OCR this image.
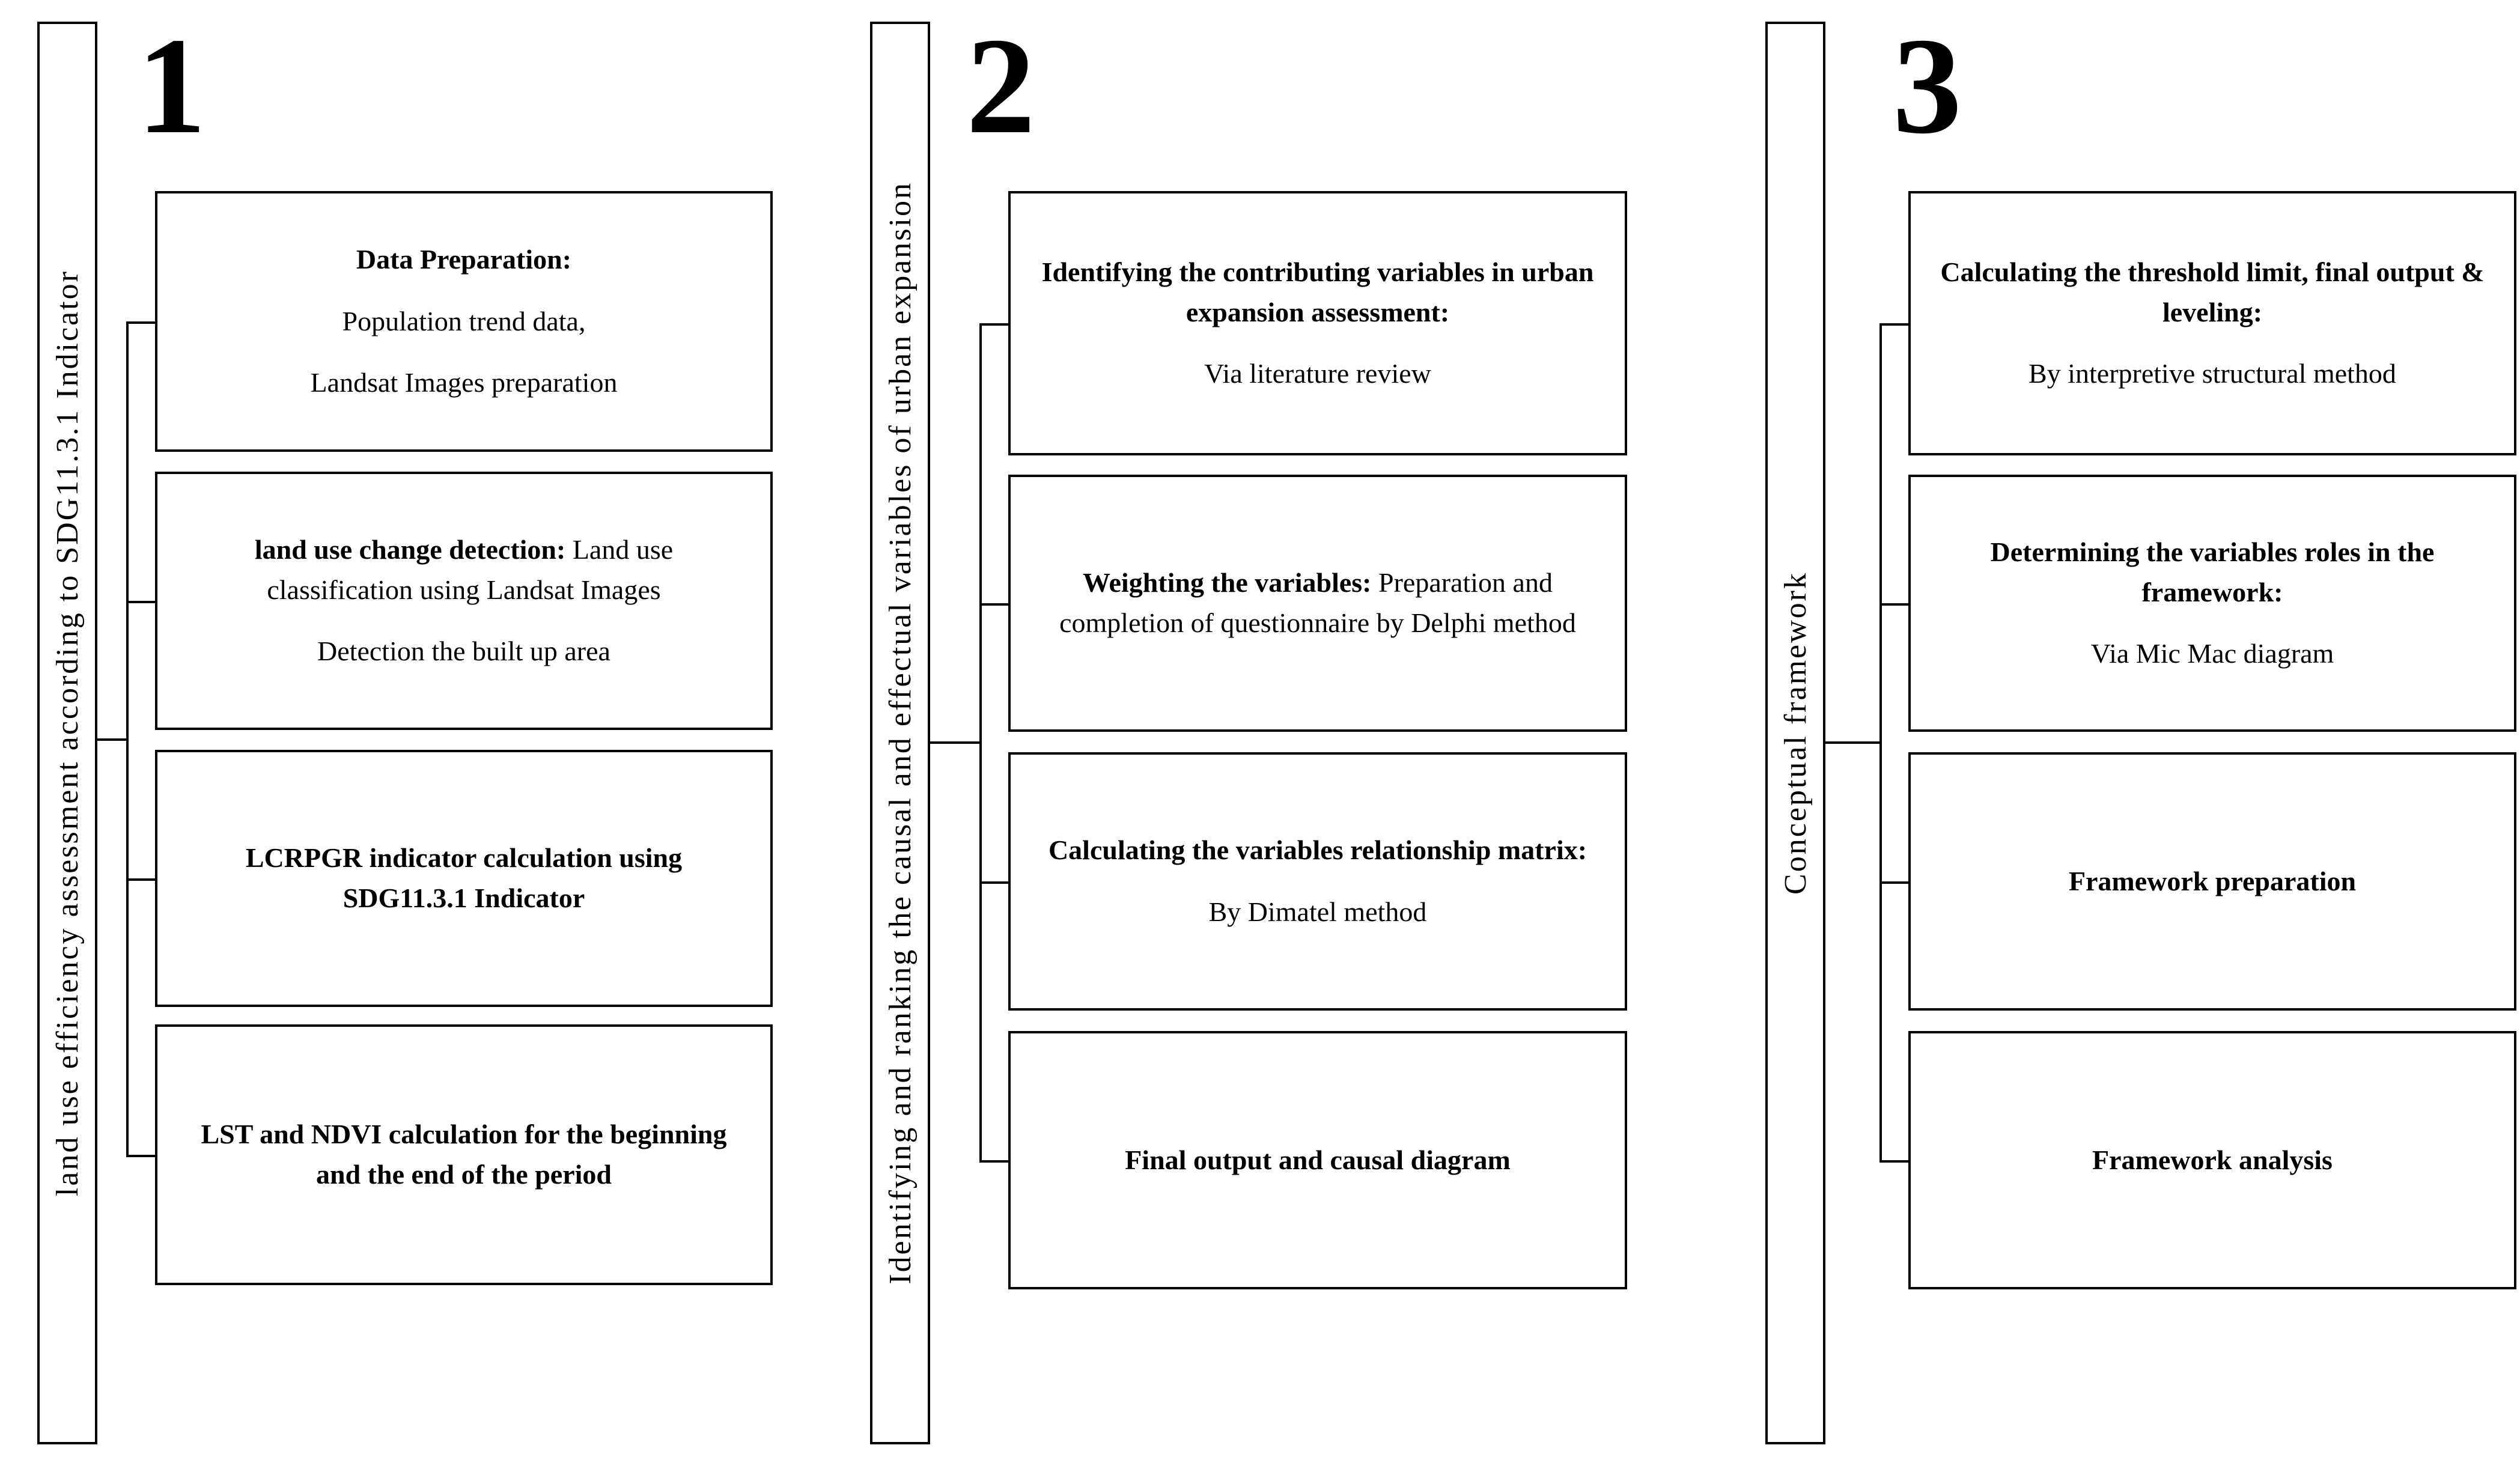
land use efficiency assessment according to SDG11.3.1 Indicator
1

Data Preparation:

Population trend data,

Landsat Images preparation

land use change detection: Land use classification using Landsat Images

Detection the built up area

LCRPGR indicator calculation using SDG11.3.1 Indicator

LST and NDVI calculation for the beginning and the end of the period	Identifying and ranking the causal and effectual variables of urban expansion
2

Identifying the contributing variables in urban expansion assessment:

Via literature review

Weighting the variables: Preparation and completion of questionnaire by Delphi method

Calculating the variables relationship matrix:

By Dimatel method

Final output and causal diagram

Conceptual framework
3

Calculating the threshold limit, final output & leveling:

By interpretive structural method

Determining the variables roles in the framework:

Via Mic Mac diagram

Framework preparation

Framework analysis
